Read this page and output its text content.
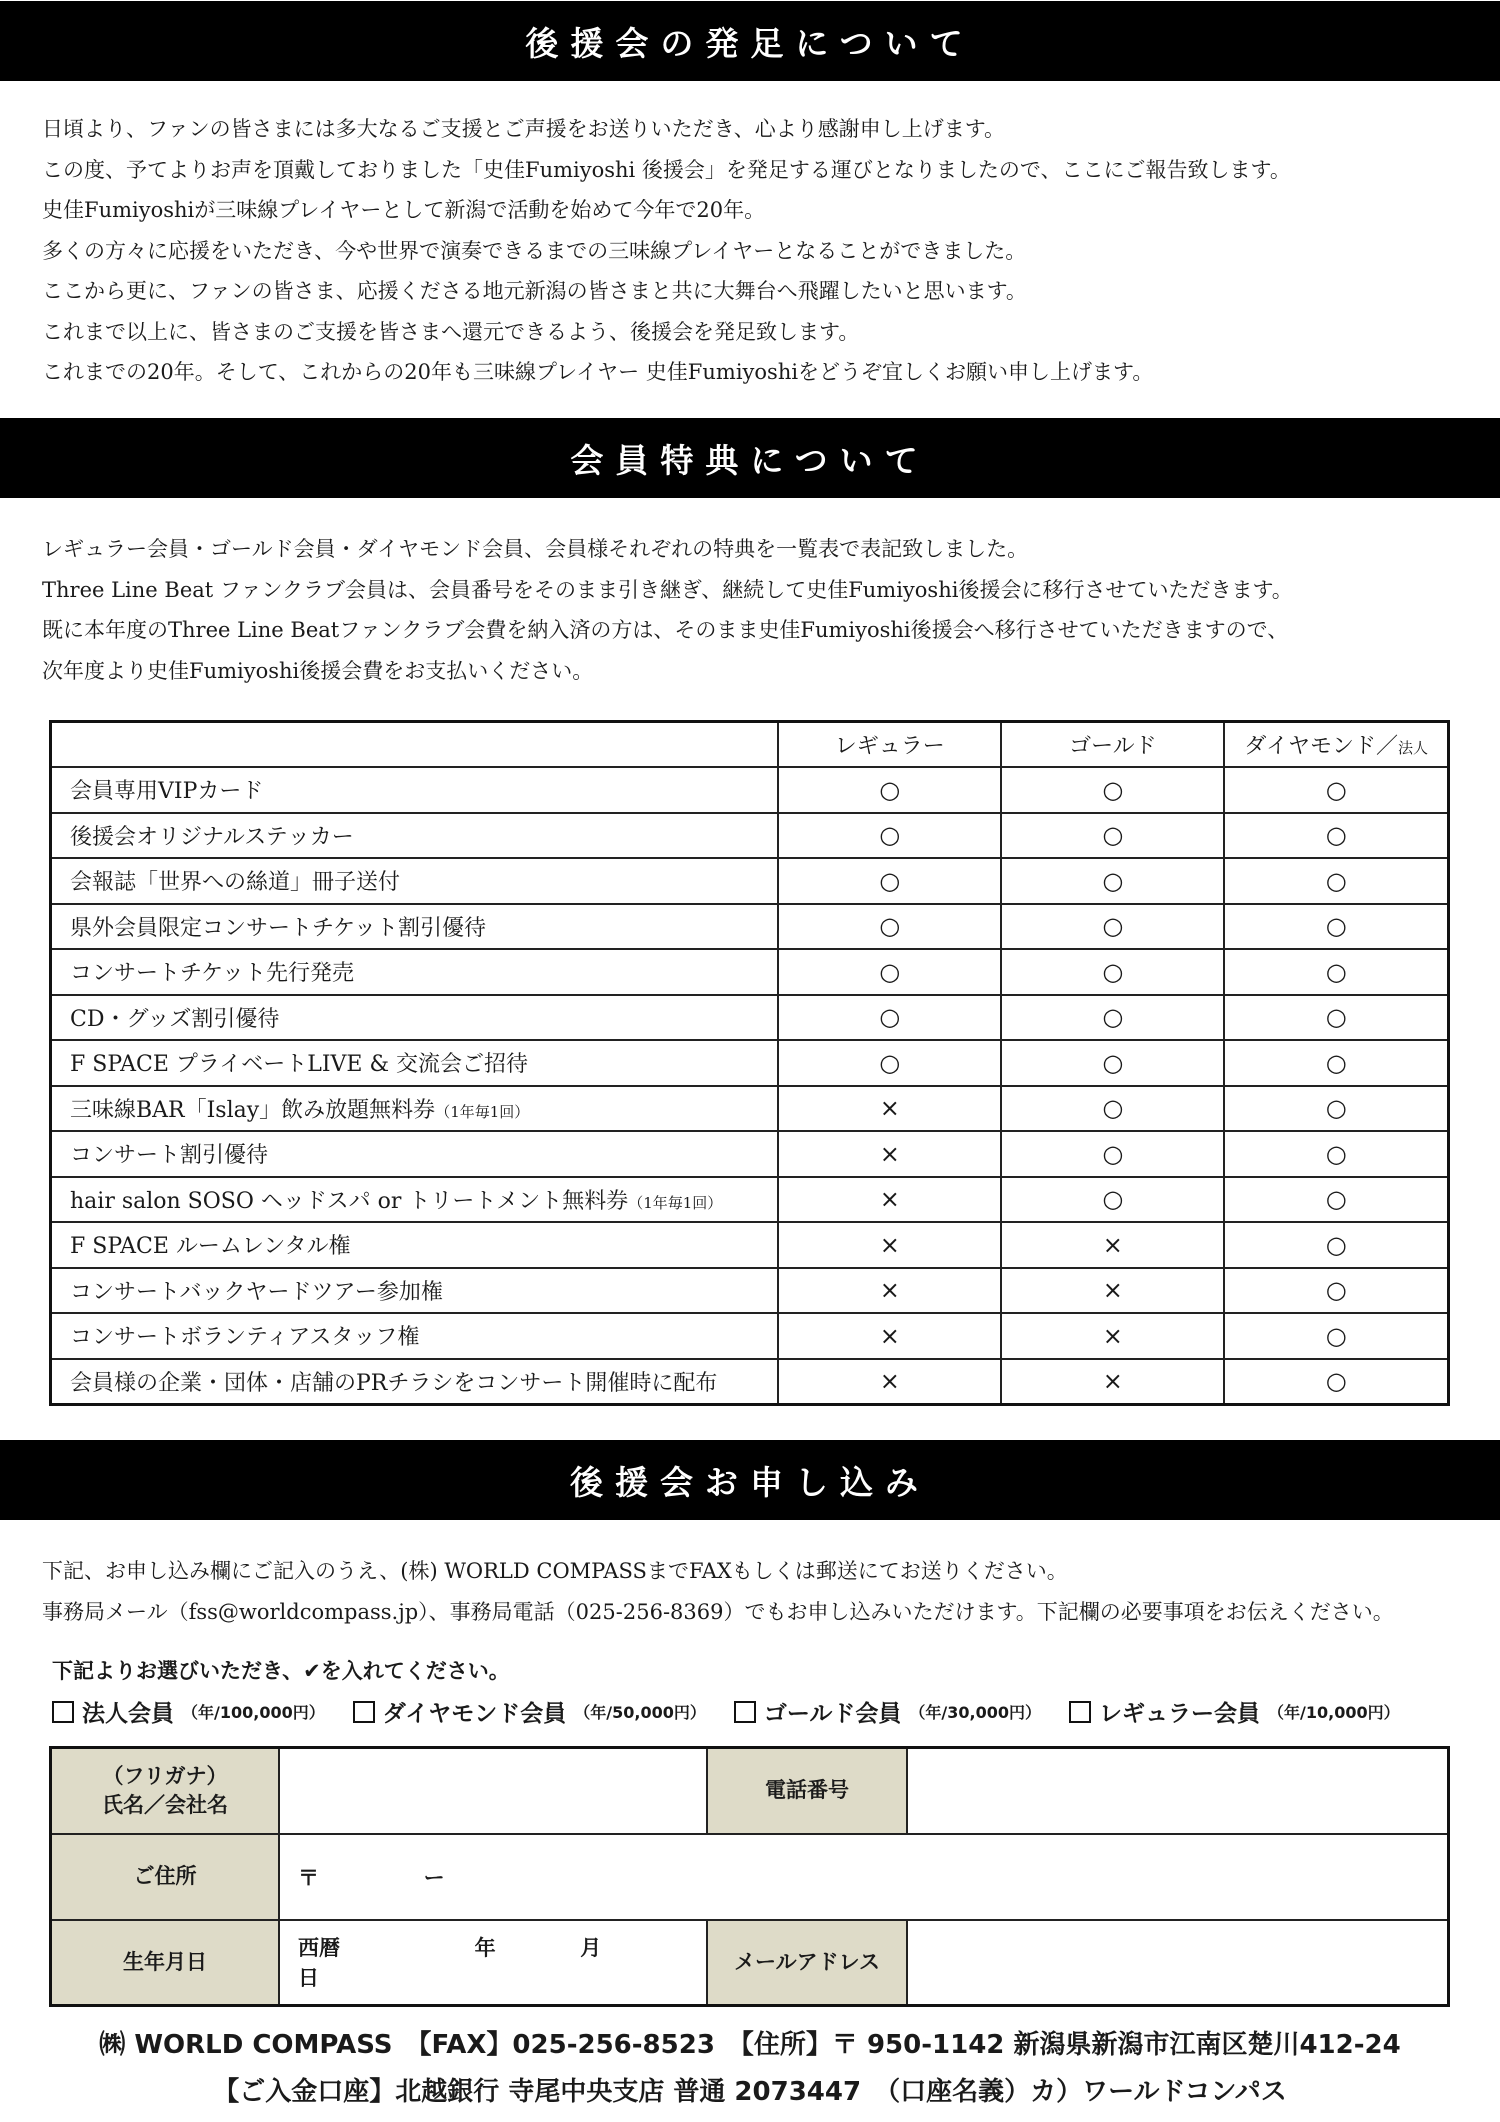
後援会の発足について
日頃より、ファンの皆さまには多大なるご支援とご声援をお送りいただき、心より感謝申し上げます。
この度、予てよりお声を頂戴しておりました「史佳Fumiyoshi 後援会」を発足する運びとなりましたので、ここにご報告致します。
史佳Fumiyoshiが三味線プレイヤーとして新潟で活動を始めて今年で20年。
多くの方々に応援をいただき、今や世界で演奏できるまでの三味線プレイヤーとなることができました。
ここから更に、ファンの皆さま、応援くださる地元新潟の皆さまと共に大舞台へ飛躍したいと思います。
これまで以上に、皆さまのご支援を皆さまへ還元できるよう、後援会を発足致します。
これまでの20年。そして、これからの20年も三味線プレイヤー 史佳Fumiyoshiをどうぞ宜しくお願い申し上げます。
会員特典について
レギュラー会員・ゴールド会員・ダイヤモンド会員、会員様それぞれの特典を一覧表で表記致しました。
Three Line Beat ファンクラブ会員は、会員番号をそのまま引き継ぎ、継続して史佳Fumiyoshi後援会に移行させていただきます。
既に本年度のThree Line Beatファンクラブ会費を納入済の方は、そのまま史佳Fumiyoshi後援会へ移行させていただきますので、
次年度より史佳Fumiyoshi後援会費をお支払いください。
	レギュラー	ゴールド	ダイヤモンド／法人
会員専用VIPカード	○	○	○
後援会オリジナルステッカー	○	○	○
会報誌「世界への絲道」冊子送付	○	○	○
県外会員限定コンサートチケット割引優待	○	○	○
コンサートチケット先行発売	○	○	○
CD・グッズ割引優待	○	○	○
F SPACE プライベートLIVE & 交流会ご招待	○	○	○
三味線BAR「Islay」飲み放題無料券（1年毎1回）	×	○	○
コンサート割引優待	×	○	○
hair salon SOSO ヘッドスパ or トリートメント無料券（1年毎1回）	×	○	○
F SPACE ルームレンタル権	×	×	○
コンサートバックヤードツアー参加権	×	×	○
コンサートボランティアスタッフ権	×	×	○
会員様の企業・団体・店舗のPRチラシをコンサート開催時に配布	×	×	○
後援会お申し込み
下記、お申し込み欄にご記入のうえ、(株) WORLD COMPASSまでFAXもしくは郵送にてお送りください。
事務局メール（fss@worldcompass.jp）、事務局電話（025-256-8369）でもお申し込みいただけます。下記欄の必要事項をお伝えください。
下記よりお選びいただき、✔を入れてください。
法人会員 （年/100,000円）	ダイヤモンド会員 （年/50,000円）	ゴールド会員 （年/30,000円）	レギュラー会員 （年/10,000円）
（フリガナ）
氏名／会社名		電話番号	
ご住所	〒 ー		
生年月日	西暦 年 月  日	メールアドレス	
㈱ WORLD COMPASS　【FAX】025-256-8523　【住所】〒 950-1142 新潟県新潟市江南区楚川412-24
【ご入金口座】北越銀行 寺尾中央支店 普通 2073447　（口座名義）カ）ワールドコンパス
